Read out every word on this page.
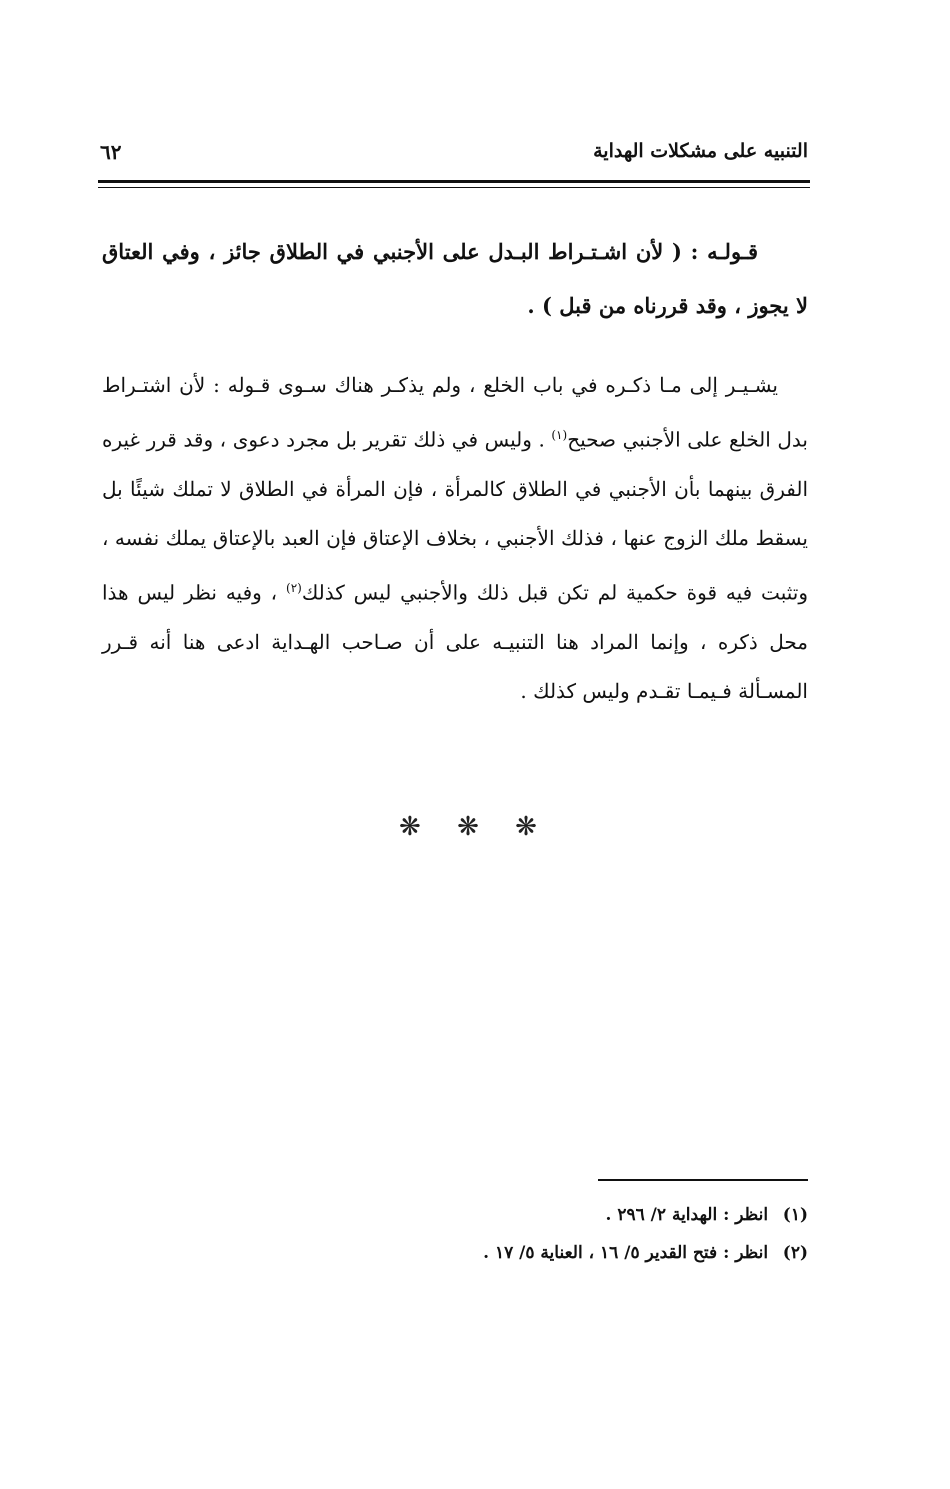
التنبيه على مشكلات الهداية
٦٢

قـولـه : ( لأن اشـتـراط البـدل على الأجنبي في الطلاق جائز ، وفي العتاق لا يجوز ، وقد قررناه من قبل ) .

يشـيـر إلى مـا ذكـره في باب الخلع ، ولم يذكـر هناك سـوى قـوله : لأن اشتـراط بدل الخلع على الأجنبي صحيح$^{(١)}$ . وليس في ذلك تقرير بل مجرد دعوى ، وقد قرر غيره الفرق بينهما بأن الأجنبي في الطلاق كالمرأة ، فإن المرأة في الطلاق لا تملك شيئًا بل يسقط ملك الزوج عنها ، فذلك الأجنبي ، بخلاف الإعتاق فإن العبد بالإعتاق يملك نفسه ، وتثبت فيه قوة حكمية لم تكن قبل ذلك والأجنبي ليس كذلك$^{(٢)}$ ، وفيه نظر ليس هذا محل ذكره ، وإنما المراد هنا التنبيـه على أن صـاحب الهـداية ادعى هنا أنه قـرر المسـألة فـيمـا تقـدم وليس كذلك .

❋ ❋ ❋

(١) انظر : الهداية ٢/ ٢٩٦ .

(٢) انظر : فتح القدير ٥/ ١٦ ، العناية ٥/ ١٧ .
